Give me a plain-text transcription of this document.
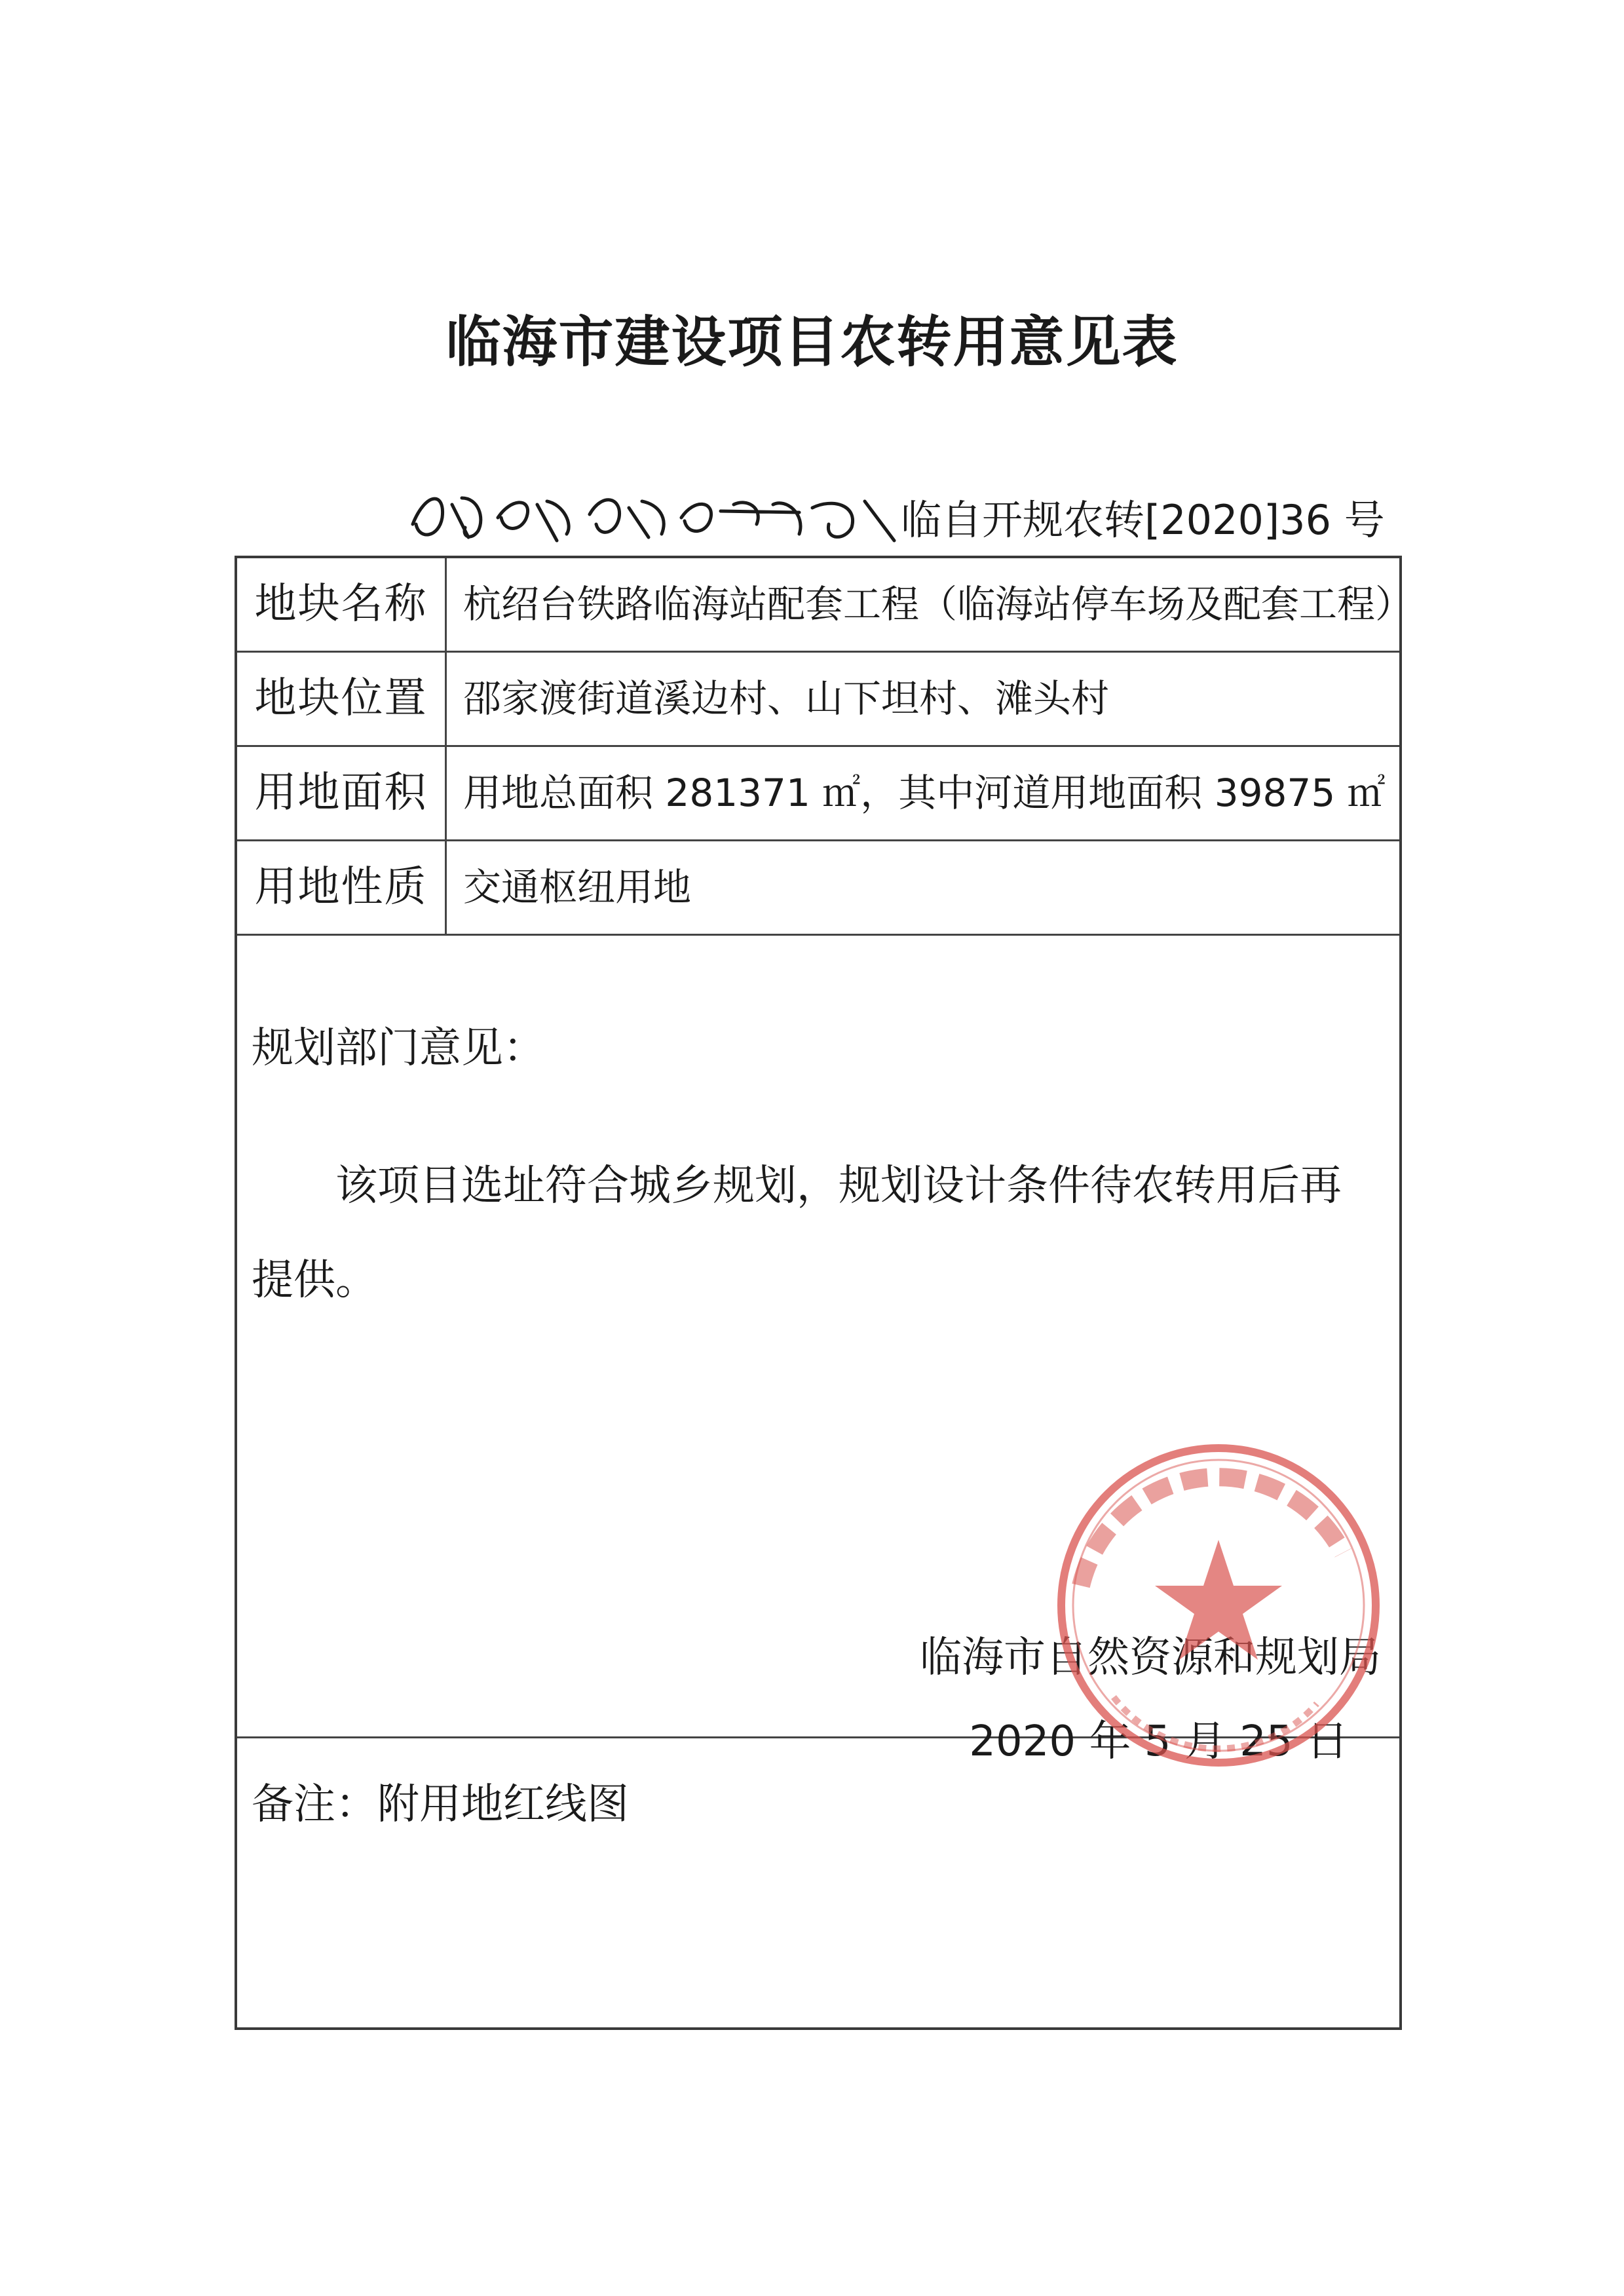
临海市建设项目农转用意见表
临自开规农转[2020]36 号
地块名称 杭绍台铁路临海站配套工程（临海站停车场及配套工程）
地块位置 邵家渡街道溪边村、山下坦村、滩头村
用地面积 用地总面积 281371 ㎡，其中河道用地面积 39875 ㎡
用地性质 交通枢纽用地
规划部门意见：

该项目选址符合城乡规划，规划设计条件待农转用后再提供。

临海市自然资源和规划局
2020 年 5 月 25 日
备注：附用地红线图
